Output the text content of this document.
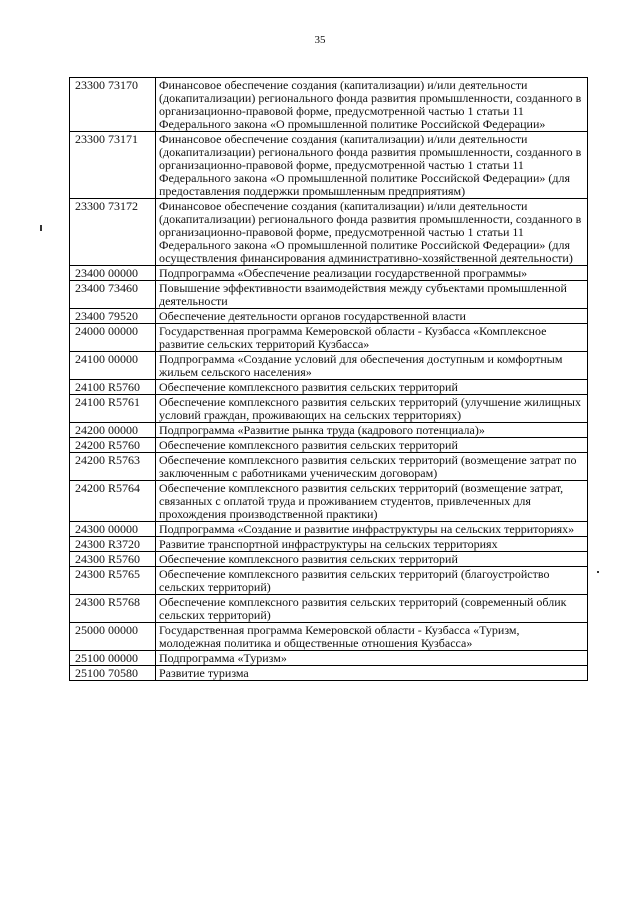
35
23300 73170	Финансовое обеспечение создания (капитализации) и/или деятельности (докапитализации) регионального фонда развития промышленности, созданного в организационно-правовой форме, предусмотренной частью 1 статьи 11 Федерального закона «О промышленной политике Российской Федерации»
23300 73171	Финансовое обеспечение создания (капитализации) и/или деятельности (докапитализации) регионального фонда развития промышленности, созданного в организационно-правовой форме, предусмотренной частью 1 статьи 11 Федерального закона «О промышленной политике Российской Федерации» (для предоставления поддержки промышленным предприятиям)
23300 73172	Финансовое обеспечение создания (капитализации) и/или деятельности (докапитализации) регионального фонда развития промышленности, созданного в организационно-правовой форме, предусмотренной частью 1 статьи 11 Федерального закона «О промышленной политике Российской Федерации» (для осуществления финансирования административно-хозяйственной деятельности)
23400 00000	Подпрограмма «Обеспечение реализации государственной программы»
23400 73460	Повышение эффективности взаимодействия между субъектами промышленной деятельности
23400 79520	Обеспечение деятельности органов государственной власти
24000 00000	Государственная программа Кемеровской области - Кузбасса «Комплексное развитие сельских территорий Кузбасса»
24100 00000	Подпрограмма «Создание условий для обеспечения доступным и комфортным жильем сельского населения»
24100 R5760	Обеспечение комплексного развития сельских территорий
24100 R5761	Обеспечение комплексного развития сельских территорий (улучшение жилищных условий граждан, проживающих на сельских территориях)
24200 00000	Подпрограмма «Развитие рынка труда (кадрового потенциала)»
24200 R5760	Обеспечение комплексного развития сельских территорий
24200 R5763	Обеспечение комплексного развития сельских территорий (возмещение затрат по заключенным с работниками ученическим договорам)
24200 R5764	Обеспечение комплексного развития сельских территорий (возмещение затрат, связанных с оплатой труда и проживанием студентов, привлеченных для прохождения производственной практики)
24300 00000	Подпрограмма «Создание и развитие инфраструктуры на сельских территориях»
24300 R3720	Развитие транспортной инфраструктуры на сельских территориях
24300 R5760	Обеспечение комплексного развития сельских территорий
24300 R5765	Обеспечение комплексного развития сельских территорий (благоустройство сельских территорий)
24300 R5768	Обеспечение комплексного развития сельских территорий (современный облик сельских территорий)
25000 00000	Государственная программа Кемеровской области - Кузбасса «Туризм, молодежная политика и общественные отношения Кузбасса»
25100 00000	Подпрограмма «Туризм»
25100 70580	Развитие туризма
